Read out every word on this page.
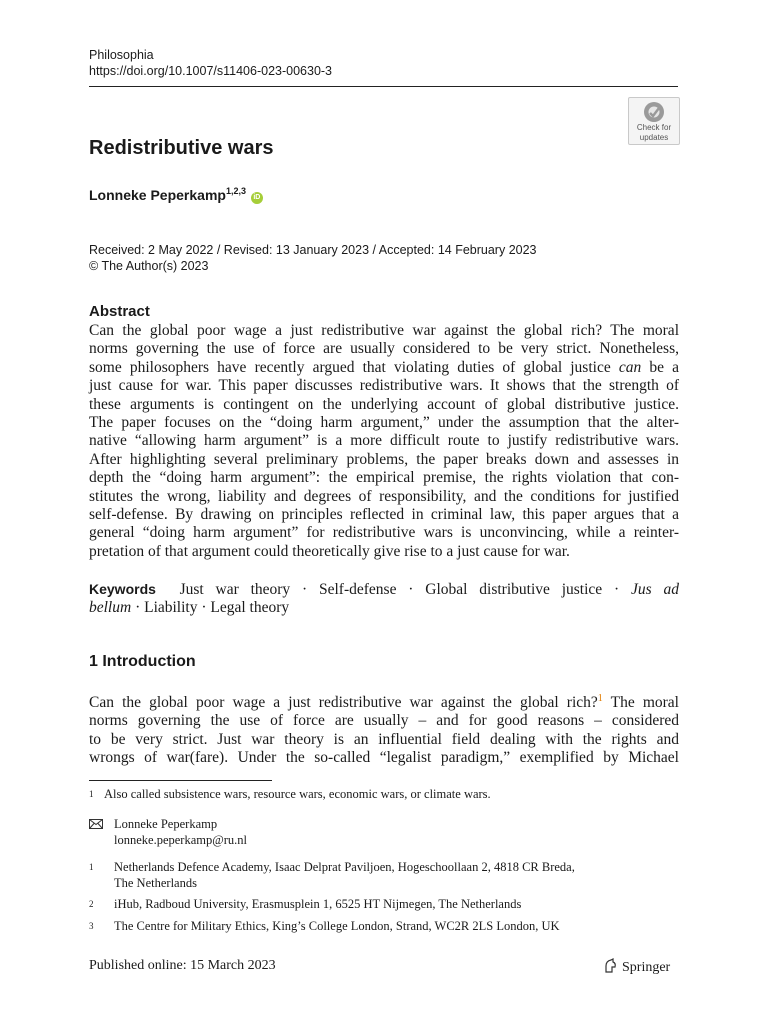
Philosophia
https://doi.org/10.1007/s11406-023-00630-3
Check for
updates
Redistributive wars
Lonneke Peperkamp$^{1,2,3}$ iD
Received: 2 May 2022 / Revised: 13 January 2023 / Accepted: 14 February 2023
© The Author(s) 2023
Abstract
Can the global poor wage a just redistributive war against the global rich? The moral
norms governing the use of force are usually considered to be very strict. Nonetheless,
some philosophers have recently argued that violating duties of global justice can be a
just cause for war. This paper discusses redistributive wars. It shows that the strength of
these arguments is contingent on the underlying account of global distributive justice.
The paper focuses on the “doing harm argument,” under the assumption that the alter-
native “allowing harm argument” is a more difficult route to justify redistributive wars.
After highlighting several preliminary problems, the paper breaks down and assesses in
depth the “doing harm argument”: the empirical premise, the rights violation that con-
stitutes the wrong, liability and degrees of responsibility, and the conditions for justified
self-defense. By drawing on principles reflected in criminal law, this paper argues that a
general “doing harm argument” for redistributive wars is unconvincing, while a reinter-
pretation of that argument could theoretically give rise to a just cause for war.
Keywords Just war theory · Self-defense · Global distributive justice · Jus ad
bellum · Liability · Legal theory
1 Introduction
Can the global poor wage a just redistributive war against the global rich?$^1$ The moral
norms governing the use of force are usually – and for good reasons – considered
to be very strict. Just war theory is an influential field dealing with the rights and
wrongs of war(fare). Under the so-called “legalist paradigm,” exemplified by Michael
1 Also called subsistence wars, resource wars, economic wars, or climate wars.
Lonneke Peperkamp
lonneke.peperkamp@ru.nl
1 Netherlands Defence Academy, Isaac Delprat Paviljoen, Hogeschoollaan 2, 4818 CR Breda,
The Netherlands
2 iHub, Radboud University, Erasmusplein 1, 6525 HT Nijmegen, The Netherlands
3 The Centre for Military Ethics, King’s College London, Strand, WC2R 2LS London, UK
Published online: 15 March 2023	Springer
